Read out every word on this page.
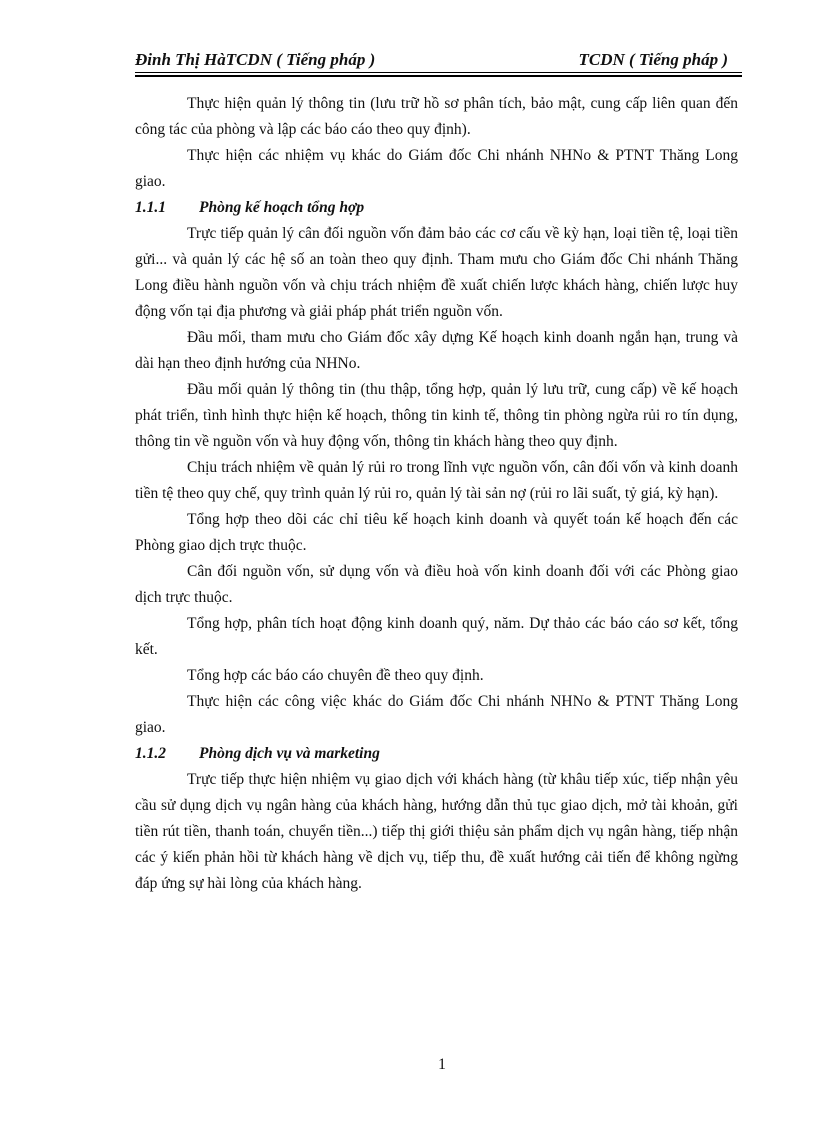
Đinh Thị HàTCDN ( Tiếng pháp )	TCDN ( Tiếng pháp )

Thực hiện quản lý thông tin (lưu trữ hồ sơ phân tích, bảo mật, cung cấp liên quan đến công tác của phòng và lập các báo cáo theo quy định).

Thực hiện các nhiệm vụ khác do Giám đốc Chi nhánh NHNo & PTNT Thăng Long giao.

1.1.1 Phòng kế hoạch tổng hợp

Trực tiếp quản lý cân đối nguồn vốn đảm bảo các cơ cấu về kỳ hạn, loại tiền tệ, loại tiền gửi... và quản lý các hệ số an toàn theo quy định. Tham mưu cho Giám đốc Chi nhánh Thăng Long điều hành nguồn vốn và chịu trách nhiệm đề xuất chiến lược khách hàng, chiến lược huy động vốn tại địa phương và giải pháp phát triển nguồn vốn.

Đầu mối, tham mưu cho Giám đốc xây dựng Kế hoạch kinh doanh ngắn hạn, trung và dài hạn theo định hướng của NHNo.

Đầu mối quản lý thông tin (thu thập, tổng hợp, quản lý lưu trữ, cung cấp) về kế hoạch phát triển, tình hình thực hiện kế hoạch, thông tin kinh tế, thông tin phòng ngừa rủi ro tín dụng, thông tin về nguồn vốn và huy động vốn, thông tin khách hàng theo quy định.

Chịu trách nhiệm về quản lý rủi ro trong lĩnh vực nguồn vốn, cân đối vốn và kinh doanh tiền tệ theo quy chế, quy trình quản lý rủi ro, quản lý tài sản nợ (rủi ro lãi suất, tỷ giá, kỳ hạn).

Tổng hợp theo dõi các chỉ tiêu kế hoạch kinh doanh và quyết toán kế hoạch đến các Phòng giao dịch trực thuộc.

Cân đối nguồn vốn, sử dụng vốn và điều hoà vốn kinh doanh đối với các Phòng giao dịch trực thuộc.

Tổng hợp, phân tích hoạt động kinh doanh quý, năm. Dự thảo các báo cáo sơ kết, tổng kết.

Tổng hợp các báo cáo chuyên đề theo quy định.

Thực hiện các công việc khác do Giám đốc Chi nhánh NHNo & PTNT Thăng Long giao.

1.1.2 Phòng dịch vụ và marketing

Trực tiếp thực hiện nhiệm vụ giao dịch với khách hàng (từ khâu tiếp xúc, tiếp nhận yêu cầu sử dụng dịch vụ ngân hàng của khách hàng, hướng dẫn thủ tục giao dịch, mở tài khoản, gửi tiền rút tiền, thanh toán, chuyển tiền...) tiếp thị giới thiệu sản phẩm dịch vụ ngân hàng, tiếp nhận các ý kiến phản hồi từ khách hàng về dịch vụ, tiếp thu, đề xuất hướng cải tiến để không ngừng đáp ứng sự hài lòng của khách hàng.

1
